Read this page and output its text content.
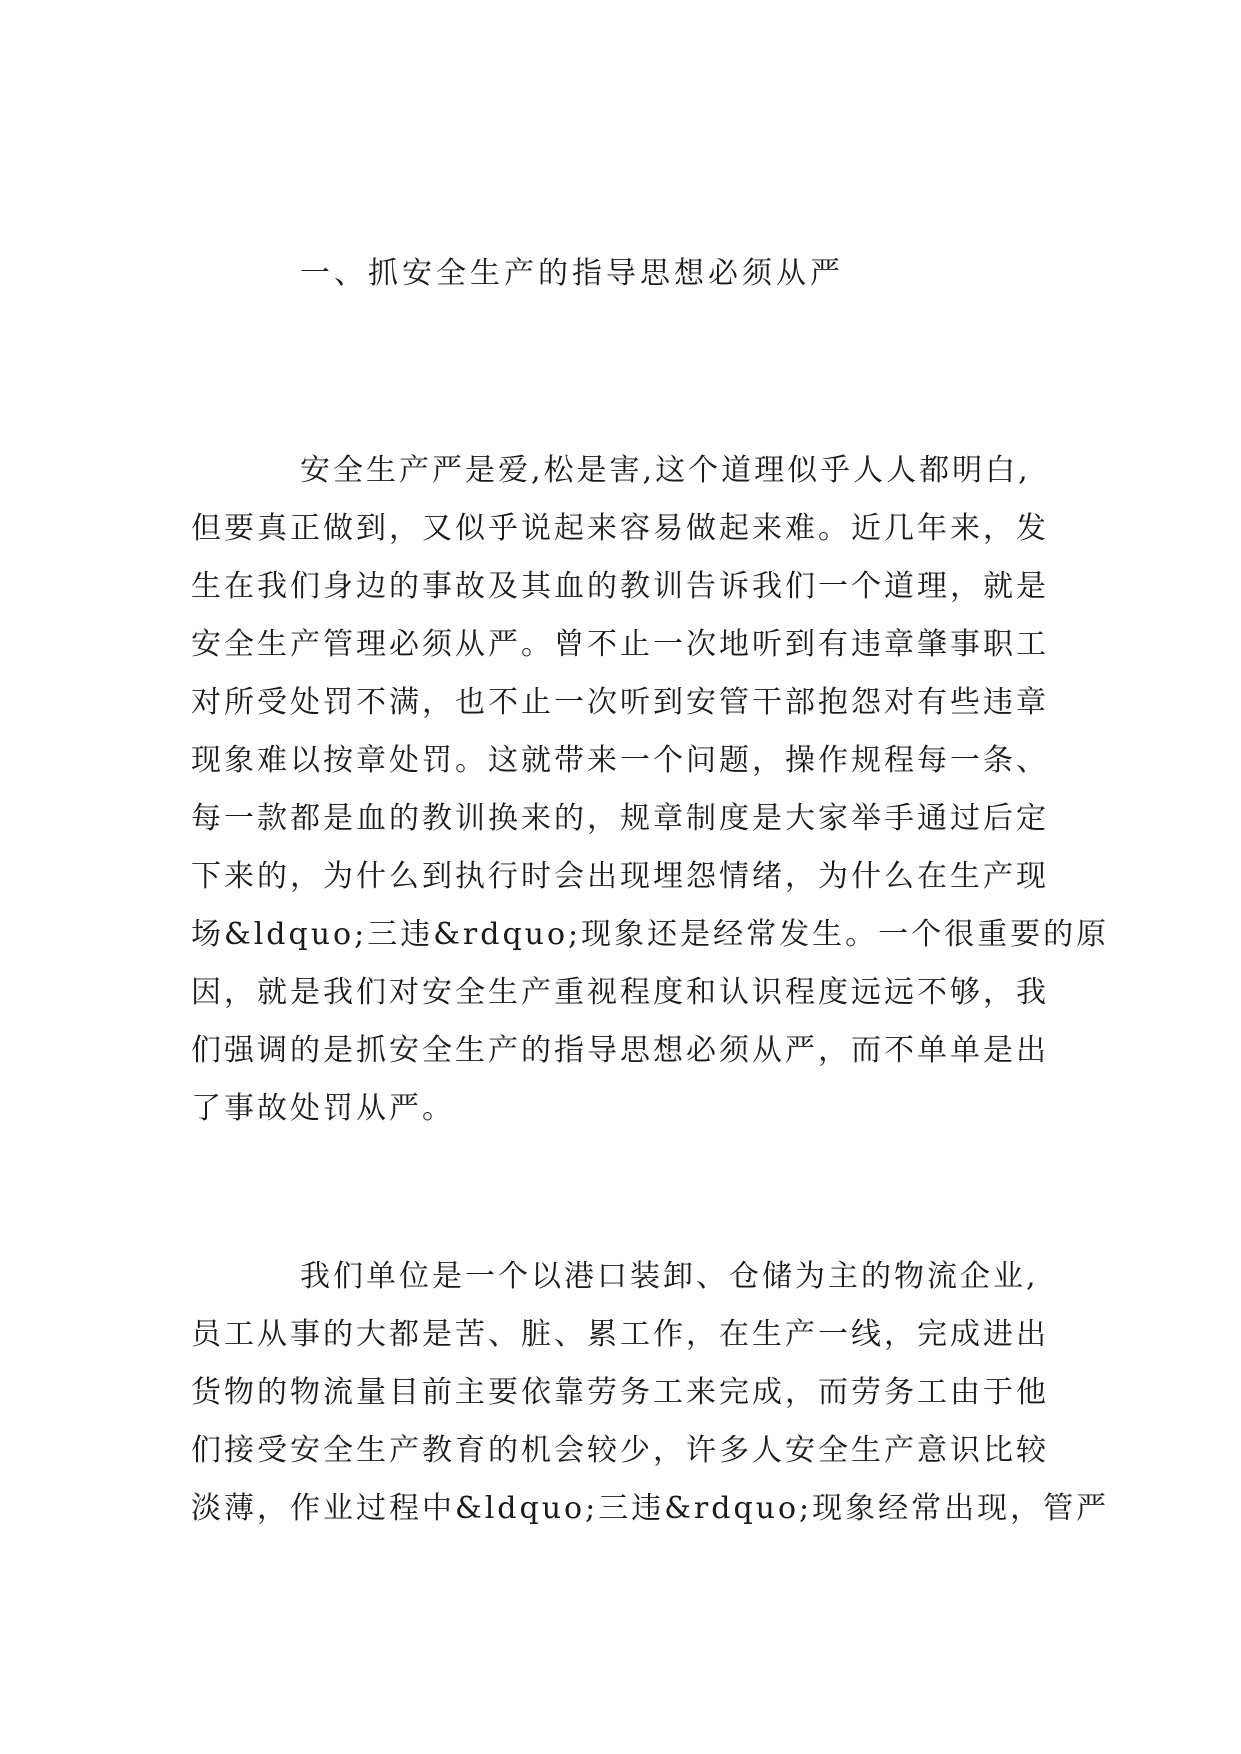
一、抓安全生产的指导思想必须从严
安全生产严是爱,松是害,这个道理似乎人人都明白,
但要真正做到，又似乎说起来容易做起来难。近几年来，发
生在我们身边的事故及其血的教训告诉我们一个道理，就是
安全生产管理必须从严。曾不止一次地听到有违章肇事职工
对所受处罚不满，也不止一次听到安管干部抱怨对有些违章
现象难以按章处罚。这就带来一个问题，操作规程每一条、
每一款都是血的教训换来的，规章制度是大家举手通过后定
下来的，为什么到执行时会出现埋怨情绪，为什么在生产现
场&ldquo;三违&rdquo;现象还是经常发生。一个很重要的原
因，就是我们对安全生产重视程度和认识程度远远不够，我
们强调的是抓安全生产的指导思想必须从严，而不单单是出
了事故处罚从严。
我们单位是一个以港口装卸、仓储为主的物流企业,
员工从事的大都是苦、脏、累工作，在生产一线，完成进出
货物的物流量目前主要依靠劳务工来完成，而劳务工由于他
们接受安全生产教育的机会较少，许多人安全生产意识比较
淡薄，作业过程中&ldquo;三违&rdquo;现象经常出现，管严
